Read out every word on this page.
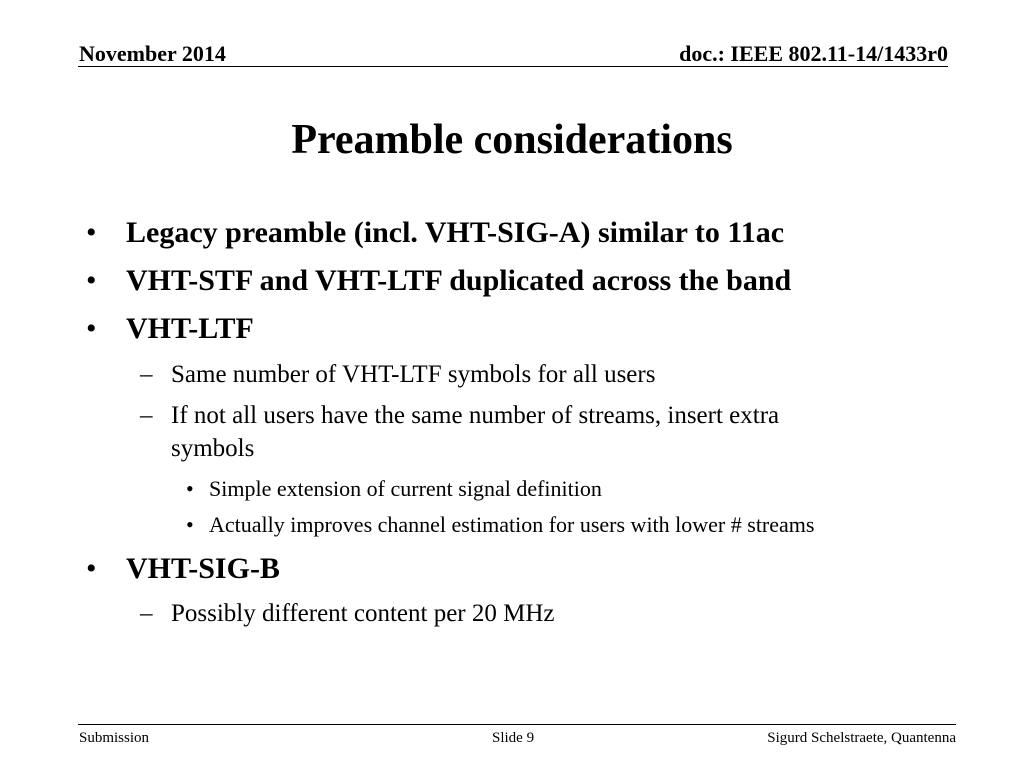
November 2014	doc.: IEEE 802.11-14/1433r0
Preamble considerations
• Legacy preamble (incl. VHT-SIG-A) similar to 11ac
• VHT-STF and VHT-LTF duplicated across the band
• VHT-LTF
– Same number of VHT-LTF symbols for all users
– If not all users have the same number of streams, insert extra
symbols
• Simple extension of current signal definition
• Actually improves channel estimation for users with lower # streams
• VHT-SIG-B
– Possibly different content per 20 MHz
Submission	Slide 9	Sigurd Schelstraete, Quantenna
